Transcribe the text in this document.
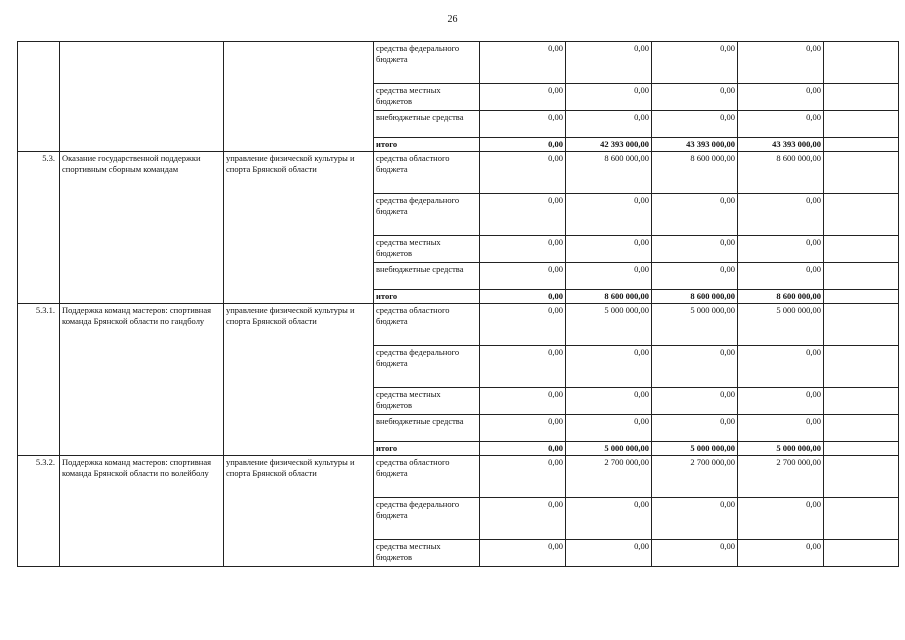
26
			средства федерального бюджета	0,00	0,00	0,00	0,00	
			средства местных бюджетов	0,00	0,00	0,00	0,00	
			внебюджетные средства	0,00	0,00	0,00	0,00	
			итого	0,00	42 393 000,00	43 393 000,00	43 393 000,00	
5.3.	Оказание государственной поддержки спортивным сборным командам	управление физической культуры и спорта Брянской области	средства областного бюджета	0,00	8 600 000,00	8 600 000,00	8 600 000,00	
			средства федерального бюджета	0,00	0,00	0,00	0,00	
			средства местных бюджетов	0,00	0,00	0,00	0,00	
			внебюджетные средства	0,00	0,00	0,00	0,00	
			итого	0,00	8 600 000,00	8 600 000,00	8 600 000,00	
5.3.1.	Поддержка команд мастеров: спортивная команда Брянской области по гандболу	управление физической культуры и спорта Брянской области	средства областного бюджета	0,00	5 000 000,00	5 000 000,00	5 000 000,00	
			средства федерального бюджета	0,00	0,00	0,00	0,00	
			средства местных бюджетов	0,00	0,00	0,00	0,00	
			внебюджетные средства	0,00	0,00	0,00	0,00	
			итого	0,00	5 000 000,00	5 000 000,00	5 000 000,00	
5.3.2.	Поддержка команд мастеров: спортивная команда Брянской области по волейболу	управление физической культуры и спорта Брянской области	средства областного бюджета	0,00	2 700 000,00	2 700 000,00	2 700 000,00	
			средства федерального бюджета	0,00	0,00	0,00	0,00	
			средства местных бюджетов	0,00	0,00	0,00	0,00	
